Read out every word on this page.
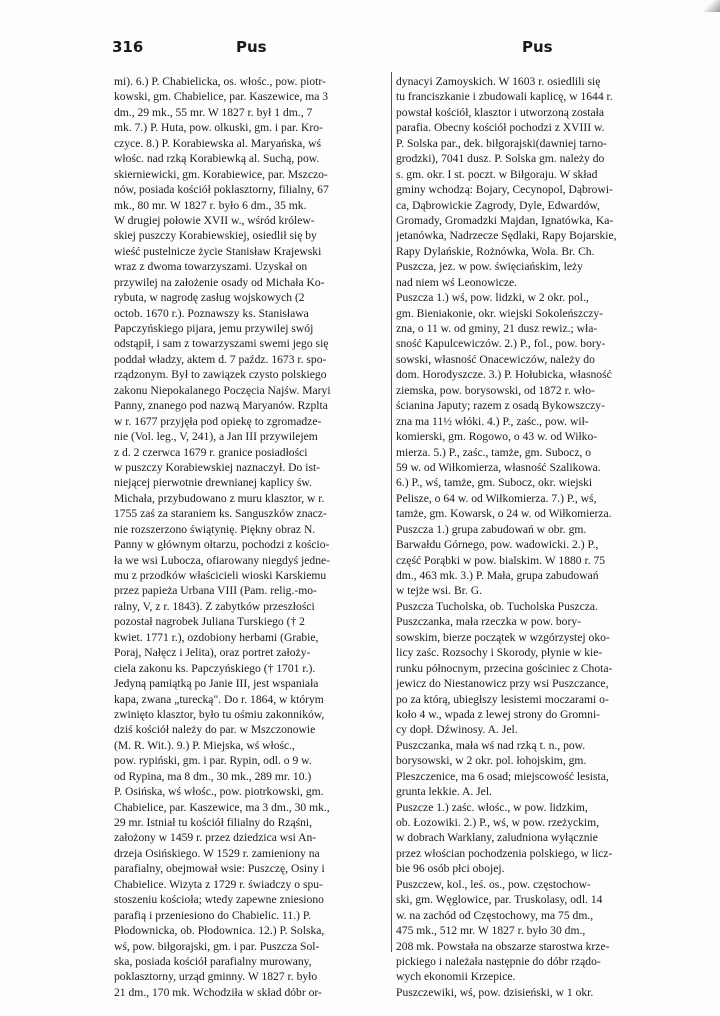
316	Pus	Pus
mi). 6.) P. Chabielicka, os. włośc., pow. piotr-
kowski, gm. Chabielice, par. Kaszewice, ma 3
dm., 29 mk., 55 mr. W 1827 r. był 1 dm., 7
mk. 7.) P. Huta, pow. olkuski, gm. i par. Kro-
czyce. 8.) P. Korabiewska al. Maryańska, wś
włośc. nad rzką Korabiewką al. Suchą, pow.
skierniewicki, gm. Korabiewice, par. Mszczo-
nów, posiada kościół poklasztorny, filialny, 67
mk., 80 mr. W 1827 r. było 6 dm., 35 mk.
W drugiej połowie XVII w., wśród królew-
skiej puszczy Korabiewskiej, osiedlił się by
wieść pustelnicze życie Stanisław Krajewski
wraz z dwoma towarzyszami. Uzyskał on
przywilej na założenie osady od Michała Ko-
rybuta, w nagrodę zasług wojskowych (2
octob. 1670 r.). Poznawszy ks. Stanisława
Papczyńskiego pijara, jemu przywilej swój
odstąpił, i sam z towarzyszami swemi jego się
poddał władzy, aktem d. 7 paźdz. 1673 r. spo-
rządzonym. Był to zawiązek czysto polskiego
zakonu Niepokalanego Poczęcia Najśw. Maryi
Panny, znanego pod nazwą Maryanów. Rzplta
w r. 1677 przyjęła pod opiekę to zgromadze-
nie (Vol. leg., V, 241), a Jan III przywilejem
z d. 2 czerwca 1679 r. granice posiadłości
w puszczy Korabiewskiej naznaczył. Do ist-
niejącej pierwotnie drewnianej kaplicy św.
Michała, przybudowano z muru klasztor, w r.
1755 zaś za staraniem ks. Sanguszków znacz-
nie rozszerzono świątynię. Piękny obraz N.
Panny w głównym ołtarzu, pochodzi z kościo-
ła we wsi Lubocza, ofiarowany niegdyś jedne-
mu z przodków właścicieli wioski Karskiemu
przez papieża Urbana VIII (Pam. relig.-mo-
ralny, V, z r. 1843). Z zabytków przeszłości
pozostał nagrobek Juliana Turskiego († 2
kwiet. 1771 r.), ozdobiony herbami (Grabie,
Poraj, Nałęcz i Jelita), oraz portret założy-
ciela zakonu ks. Papczyńskiego († 1701 r.).
Jedyną pamiątką po Janie III, jest wspaniała
kapa, zwana „turecką". Do r. 1864, w którym
zwinięto klasztor, było tu ośmiu zakonników,
dziś kościół należy do par. w Mszczonowie
(M. R. Wit.). 9.) P. Miejska, wś włośc.,
pow. rypiński, gm. i par. Rypin, odl. o 9 w.
od Rypina, ma 8 dm., 30 mk., 289 mr. 10.)
P. Osińska, wś włośc., pow. piotrkowski, gm.
Chabielice, par. Kaszewice, ma 3 dm., 30 mk.,
29 mr. Istniał tu kościół filialny do Rząśni,
założony w 1459 r. przez dziedzica wsi An-
drzeja Osińskiego. W 1529 r. zamieniony na
parafialny, obejmował wsie: Puszczę, Osiny i
Chabielice. Wizyta z 1729 r. świadczy o spu-
stoszeniu kościoła; wtedy zapewne zniesiono
parafią i przeniesiono do Chabielic. 11.) P.
Płodownicka, ob. Płodownica. 12.) P. Solska,
wś, pow. biłgorajski, gm. i par. Puszcza Sol-
ska, posiada kościół parafialny murowany,
poklasztorny, urząd gminny. W 1827 r. było
21 dm., 170 mk. Wchodziła w skład dóbr or-
dynacyi Zamoyskich. W 1603 r. osiedlili się
tu franciszkanie i zbudowali kaplicę, w 1644 r.
powstał kościół, klasztor i utworzoną została
parafia. Obecny kościół pochodzi z XVIII w.
P. Solska par., dek. biłgorajski(dawniej tarno-
grodzki), 7041 dusz. P. Solska gm. należy do
s. gm. okr. I st. poczt. w Biłgoraju. W skład
gminy wchodzą: Bojary, Cecynopol, Dąbrowi-
ca, Dąbrowickie Zagrody, Dyle, Edwardów,
Gromady, Gromadzki Majdan, Ignatówka, Ka-
jetanówka, Nadrzecze Sędlaki, Rapy Bojarskie,
Rapy Dylańskie, Rożnówka, Wola. Br. Ch.
Puszcza, jez. w pow. święciańskim, leży
nad niem wś Leonowicze.
Puszcza 1.) wś, pow. lidzki, w 2 okr. pol.,
gm. Bieniakonie, okr. wiejski Sokoleńszczy-
zna, o 11 w. od gminy, 21 dusz rewiz.; wła-
sność Kapulcewiczów. 2.) P., fol., pow. bory-
sowski, własność Onacewiczów, należy do
dom. Horodyszcze. 3.) P. Hołubicka, własność
ziemska, pow. borysowski, od 1872 r. wło-
ścianina Japuty; razem z osadą Bykowszczy-
zna ma 11½ włóki. 4.) P., zaśc., pow. wił-
komierski, gm. Rogowo, o 43 w. od Wiłko-
mierza. 5.) P., zaśc., tamże, gm. Subocz, o
59 w. od Wiłkomierza, własność Szalikowa.
6.) P., wś, tamże, gm. Subocz, okr. wiejski
Pelisze, o 64 w. od Wiłkomierza. 7.) P., wś,
tamże, gm. Kowarsk, o 24 w. od Wiłkomierza.
Puszcza 1.) grupa zabudowań w obr. gm.
Barwałdu Górnego, pow. wadowicki. 2.) P.,
część Porąbki w pow. bialskim. W 1880 r. 75
dm., 463 mk. 3.) P. Mała, grupa zabudowań
w tejże wsi. Br. G.
Puszcza Tucholska, ob. Tucholska Puszcza.
Puszczanka, mała rzeczka w pow. bory-
sowskim, bierze początek w wzgórzystej oko-
licy zaśc. Rozsochy i Skorody, płynie w kie-
runku północnym, przecina gościniec z Chota-
jewicz do Niestanowicz przy wsi Puszczance,
po za którą, ubiegłszy lesistemi moczarami o-
koło 4 w., wpada z lewej strony do Gromni-
cy dopł. Dźwinosy. A. Jel.
Puszczanka, mała wś nad rzką t. n., pow.
borysowski, w 2 okr. pol. łohojskim, gm.
Pleszczenice, ma 6 osad; miejscowość lesista,
grunta lekkie. A. Jel.
Puszcze 1.) zaśc. włośc., w pow. lidzkim,
ob. Łozowiki. 2.) P., wś, w pow. rzeżyckim,
w dobrach Warklany, zaludniona wyłącznie
przez włościan pochodzenia polskiego, w licz-
bie 96 osób płci obojej.
Puszczew, kol., leś. os., pow. częstochow-
ski, gm. Węglowice, par. Truskolasy, odl. 14
w. na zachód od Częstochowy, ma 75 dm.,
475 mk., 512 mr. W 1827 r. było 30 dm.,
208 mk. Powstała na obszarze starostwa krze-
pickiego i należała następnie do dóbr rządo-
wych ekonomii Krzepice.
Puszczewiki, wś, pow. dzisieński, w 1 okr.
